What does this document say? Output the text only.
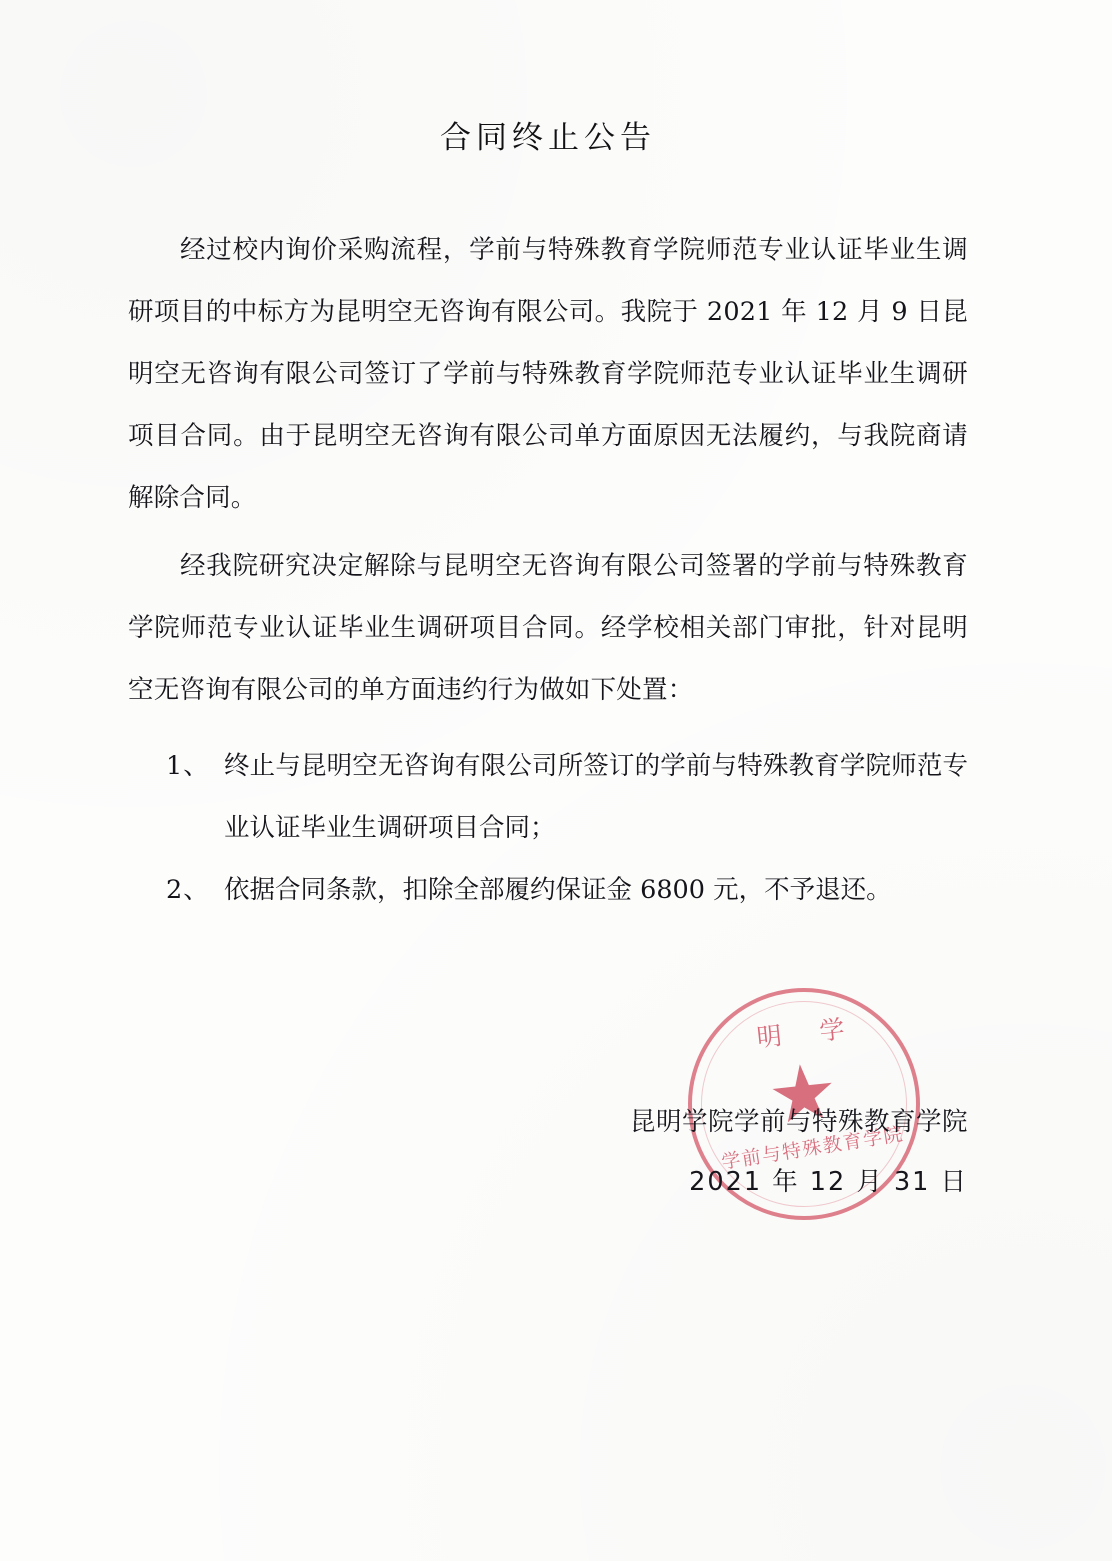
合同终止公告

经过校内询价采购流程，学前与特殊教育学院师范专业认证毕业生调研项目的中标方为昆明空无咨询有限公司。我院于 2021 年 12 月 9 日昆明空无咨询有限公司签订了学前与特殊教育学院师范专业认证毕业生调研项目合同。由于昆明空无咨询有限公司单方面原因无法履约，与我院商请解除合同。

经我院研究决定解除与昆明空无咨询有限公司签署的学前与特殊教育学院师范专业认证毕业生调研项目合同。经学校相关部门审批，针对昆明空无咨询有限公司的单方面违约行为做如下处置：

1、 终止与昆明空无咨询有限公司所签订的学前与特殊教育学院师范专业认证毕业生调研项目合同；
2、 依据合同条款，扣除全部履约保证金 6800 元，不予退还。
明学
学前与特殊教育学院
昆明学院学前与特殊教育学院
2021 年 12 月 31 日
